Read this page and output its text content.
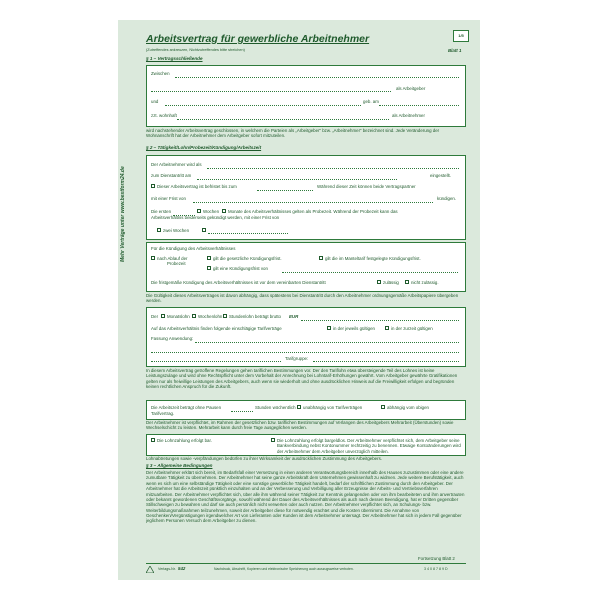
Mehr Verträge unter www.bestform24.de
1/5
Arbeitsvertrag für gewerbliche Arbeitnehmer
(Zutreffendes ankreuzen, Nichtzutreffendes bitte streichen)	Blatt 1
§ 1 – Vertragsschließende
Zwischen
als Arbeitgeber
und	geb. am
zzt. wohnhaft	als Arbeitnehmer
wird nachstehender Arbeitsvertrag geschlossen, in welchem die Parteien als „Arbeitgeber“ bzw. „Arbeitnehmer“ bezeichnet sind. Jede Veränderung der Wohnanschrift hat der Arbeitnehmer dem Arbeitgeber sofort mitzuteilen.
§ 2 – Tätigkeit/Lohn/Probezeit/Kündigung/Arbeitszeit
Der Arbeitnehmer wird als
zum Dienstantritt am	eingestellt.
Dieser Arbeitsvertrag ist befristet bis zum	Während dieser Zeit können beide Vertragspartner
mit einer Frist von	kündigen.
Die ersten	Wochen Monate des Arbeitsverhältnisses gelten als Probezeit. Während der Probezeit kann das
Arbeitsverhältnis beiderseits gekündigt werden, mit einer Frist von
zwei Wochen
Für die Kündigung des Arbeitsverhältnisses
nach Ablauf der
Probezeit
gilt die gesetzliche Kündigungsfrist.	gilt die im Manteltarif festgelegte Kündigungsfrist.
gilt eine Kündigungsfrist von
Die fristgemäße Kündigung des Arbeitsverhältnisses ist vor dem vereinbarten Dienstantritt	zulässig	nicht zulässig.
Die Gültigkeit dieses Arbeitsvertrages ist davon abhängig, dass spätestens bei Dienstantritt durch den Arbeitnehmer ordnungsgemäße Arbeitspapiere übergeben werden.
Der Monatslohn Wochenlohn Stundenlohn beträgt brutto EUR
Auf das Arbeitsverhältnis finden folgende einschlägige Tarifverträge	in der jeweils gültigen	in der zurzeit gültigen
Fassung Anwendung:
Tarifgruppe:
In diesem Arbeitsvertrag getroffene Regelungen gehen tariflichen Bestimmungen vor. Der den Tariflohn etwa übersteigende Teil des Lohnes ist keine Leistungszulage und wird ohne Rechtspflicht unter dem Vorbehalt der Anrechnung bei Lohntarif-Erhöhungen gewährt. Vom Arbeitgeber gewährte Gratifikationen gelten nur als freiwillige Leistungen des Arbeitgebers, auch wenn sie wiederholt und ohne ausdrücklichen Hinweis auf die Freiwilligkeit erfolgen und begründen keinen rechtlichen Anspruch für die Zukunft.
Die Arbeitszeit beträgt ohne Pausen	Stunden wöchentlich unabhängig von Tarifverträgen	abhängig vom obigen
Tarifvertrag.
Der Arbeitnehmer ist verpflichtet, im Rahmen der gesetzlichen bzw. tariflichen Bestimmungen auf Verlangen des Arbeitgebers Mehrarbeit (Überstunden) sowie Wechselschicht zu leisten. Mehrarbeit kann durch freie Tage ausgeglichen werden.
Die Lohnzahlung erfolgt bar.	Die Lohnzahlung erfolgt bargeldlos. Der Arbeitnehmer verpflichtet sich, dem Arbeitgeber seine Bankverbindung nebst Kontonummer rechtzeitig zu benennen. Etwaige Kontoänderungen wird der Arbeitnehmer dem Arbeitgeber unverzüglich mitteilen.
Lohnabtretungen sowie -verpfändungen bedürfen zu ihrer Wirksamkeit der ausdrücklichen Zustimmung des Arbeitgebers.
§ 3 – Allgemeine Bedingungen
Der Arbeitnehmer erklärt sich bereit, im Bedarfsfall einer Versetzung in einen anderen Verantwortungsbereich innerhalb des Hauses zuzustimmen oder eine andere zumutbare Tätigkeit zu übernehmen. Der Arbeitnehmer hat seine ganze Arbeitskraft dem Unternehmen gewissenhaft zu widmen. Jede weitere Berufstätigkeit, auch wenn es sich um eine selbständige Tätigkeit oder eine sonstige gewerbliche Tätigkeit handelt, bedarf der schriftlichen Zustimmung durch den Arbeitgeber. Der Arbeitnehmer hat die Arbeitszeit pünktlich einzuhalten und an der Verbesserung und Verbilligung aller Erzeugnisse der Arbeits- und Vertriebsverfahren mitzuarbeiten. Der Arbeitnehmer verpflichtet sich, über alle ihm während seiner Tätigkeit zur Kenntnis gelangenden oder von ihm bearbeiteten und ihm anvertrauten oder bekannt gewordenen Geschäftsvorgänge, sowohl während der Dauer des Arbeitsverhältnisses als auch nach dessen Beendigung, hat er Dritten gegenüber Stillschweigen zu bewahren und darf sie auch persönlich nicht verwerten oder auch nutzen. Der Arbeitnehmer verpflichtet sich, an Schulungs- bzw. Weiterbildungsmaßnahmen teilzunehmen, soweit der Arbeitgeber diese für notwendig erachtet und die Kosten übernimmt. Die Annahme von Geschenken/Vergünstigungen irgendwelcher Art von Lieferanten oder Kunden ist dem Arbeitnehmer untersagt. Der Arbeitnehmer hat sich in jedem Fall gegenüber jeglichem Personen Versuch dem Arbeitgeber zu dienen.
Fortsetzung Blatt 2
Verlags-Nr. 542	Nachdruck, Abschrift, Kopieren und elektronische Speicherung auch auszugsweise verboten.	3 4 0 8 7 8 9 D
